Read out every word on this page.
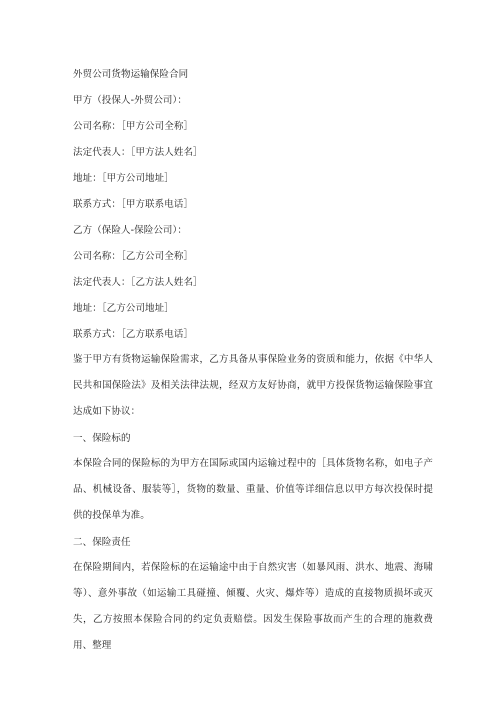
外贸公司货物运输保险合同
甲方（投保人-外贸公司）：
公司名称：［甲方公司全称］
法定代表人：［甲方法人姓名］
地址：［甲方公司地址］
联系方式：［甲方联系电话］
乙方（保险人-保险公司）：
公司名称：［乙方公司全称］
法定代表人：［乙方法人姓名］
地址：［乙方公司地址］
联系方式：［乙方联系电话］
鉴于甲方有货物运输保险需求，乙方具备从事保险业务的资质和能力，依据《中华人民共和国保险法》及相关法律法规，经双方友好协商，就甲方投保货物运输保险事宜达成如下协议：
一、保险标的
本保险合同的保险标的为甲方在国际或国内运输过程中的［具体货物名称，如电子产品、机械设备、服装等］，货物的数量、重量、价值等详细信息以甲方每次投保时提供的投保单为准。
二、保险责任
在保险期间内，若保险标的在运输途中由于自然灾害（如暴风雨、洪水、地震、海啸等）、意外事故（如运输工具碰撞、倾覆、火灾、爆炸等）造成的直接物质损坏或灭失，乙方按照本保险合同的约定负责赔偿。因发生保险事故而产生的合理的施救费用、整理
